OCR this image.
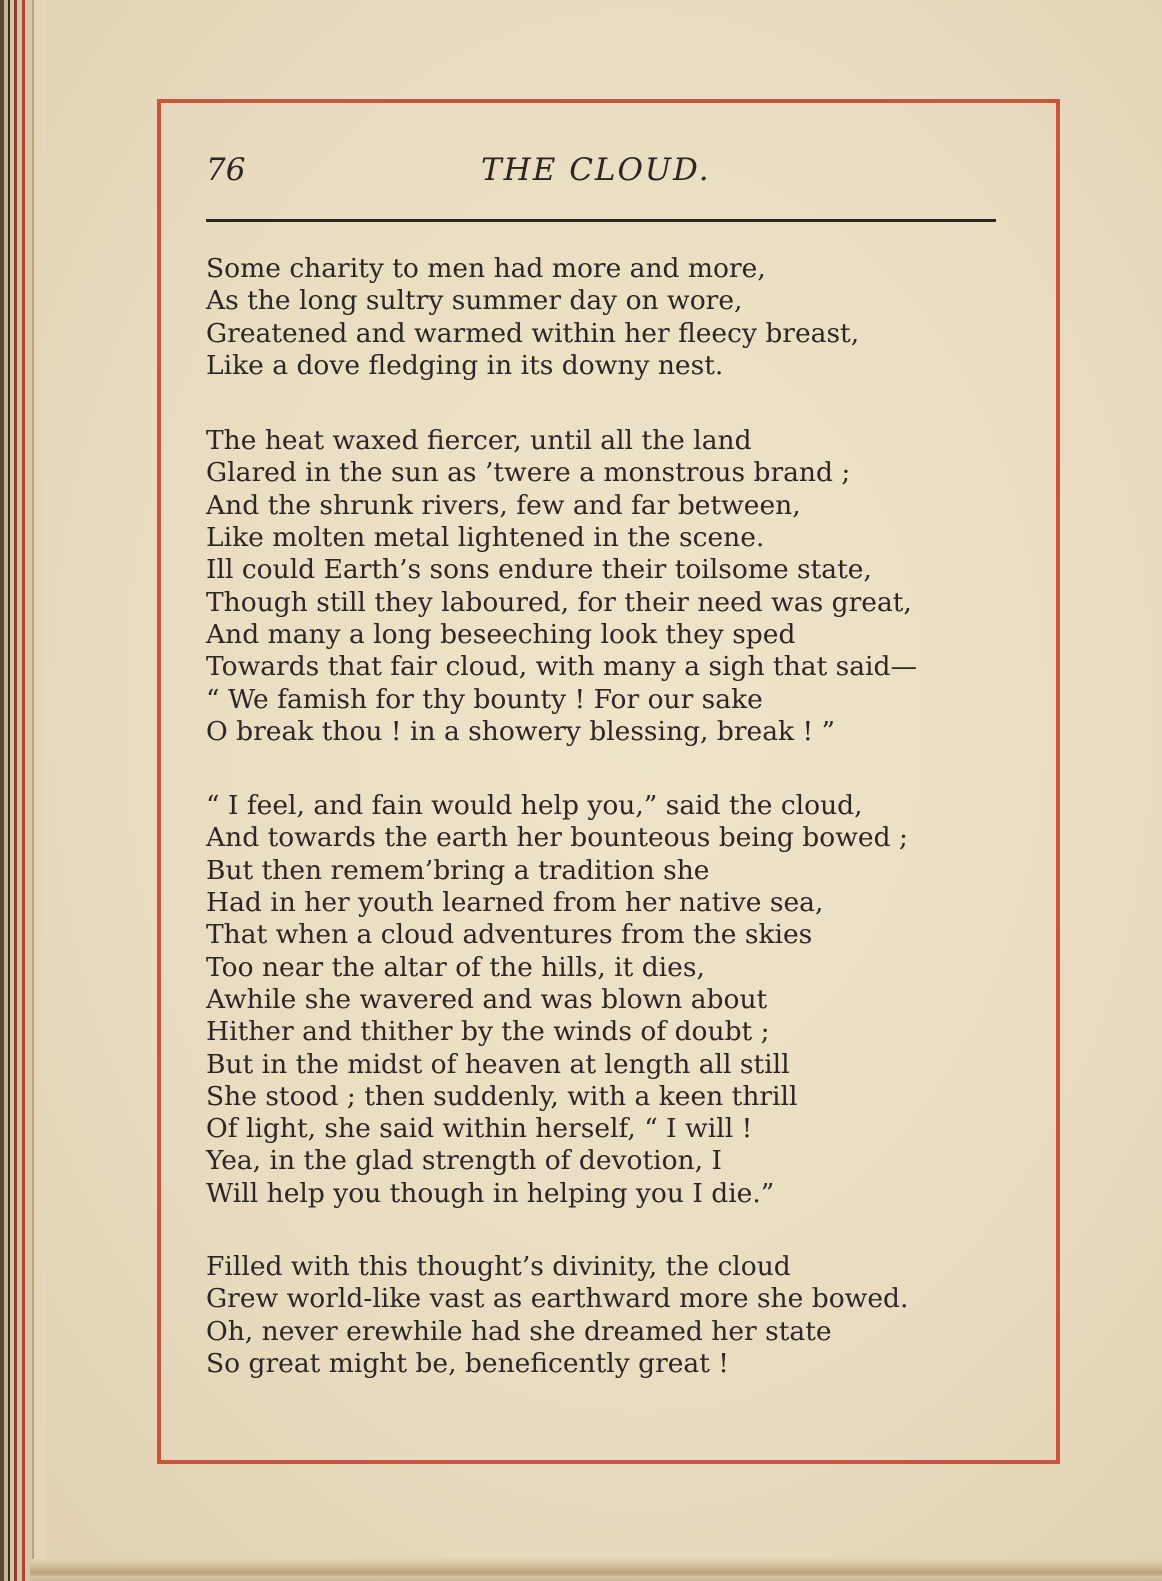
76	THE CLOUD.
Some charity to men had more and more,
As the long sultry summer day on wore,
Greatened and warmed within her fleecy breast,
Like a dove fledging in its downy nest.
The heat waxed fiercer, until all the land
Glared in the sun as ’twere a monstrous brand ;
And the shrunk rivers, few and far between,
Like molten metal lightened in the scene.
Ill could Earth’s sons endure their toilsome state,
Though still they laboured, for their need was great,
And many a long beseeching look they sped
Towards that fair cloud, with many a sigh that said—
“ We famish for thy bounty ! For our sake
O break thou ! in a showery blessing, break ! ”
“ I feel, and fain would help you,” said the cloud,
And towards the earth her bounteous being bowed ;
But then remem’bring a tradition she
Had in her youth learned from her native sea,
That when a cloud adventures from the skies
Too near the altar of the hills, it dies,
Awhile she wavered and was blown about
Hither and thither by the winds of doubt ;
But in the midst of heaven at length all still
She stood ; then suddenly, with a keen thrill
Of light, she said within herself, “ I will !
Yea, in the glad strength of devotion, I
Will help you though in helping you I die.”
Filled with this thought’s divinity, the cloud
Grew world-like vast as earthward more she bowed.
Oh, never erewhile had she dreamed her state
So great might be, beneficently great !
